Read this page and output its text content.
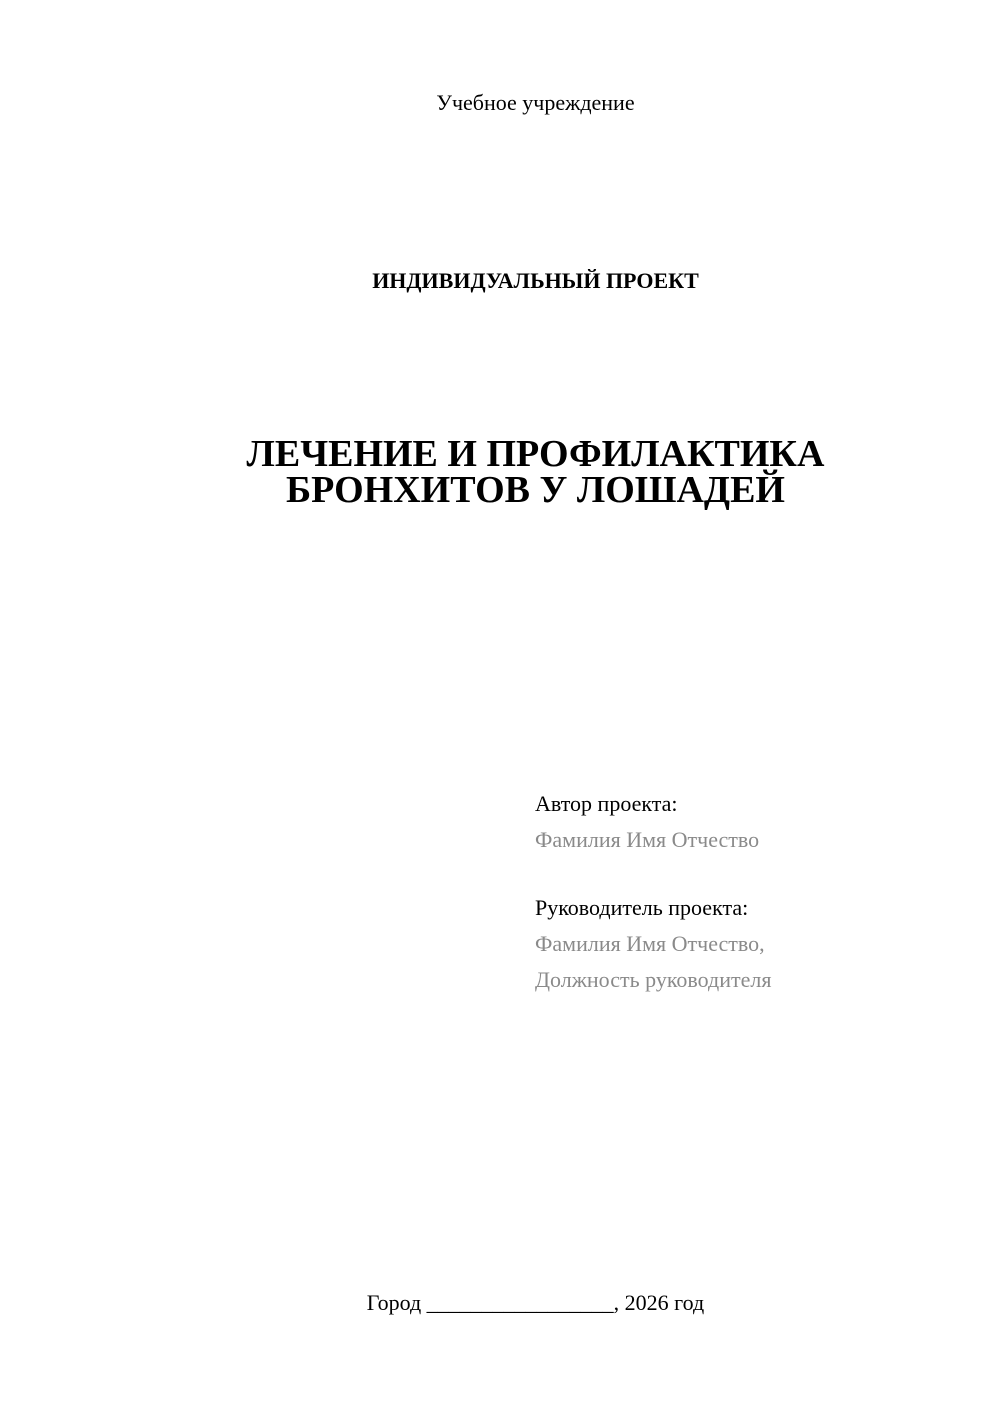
Учебное учреждение
ИНДИВИДУАЛЬНЫЙ ПРОЕКТ
ЛЕЧЕНИЕ И ПРОФИЛАКТИКА
БРОНХИТОВ У ЛОШАДЕЙ
Автор проекта:
Фамилия Имя Отчество
Руководитель проекта:
Фамилия Имя Отчество,
Должность руководителя
Город _________________, 2026 год
